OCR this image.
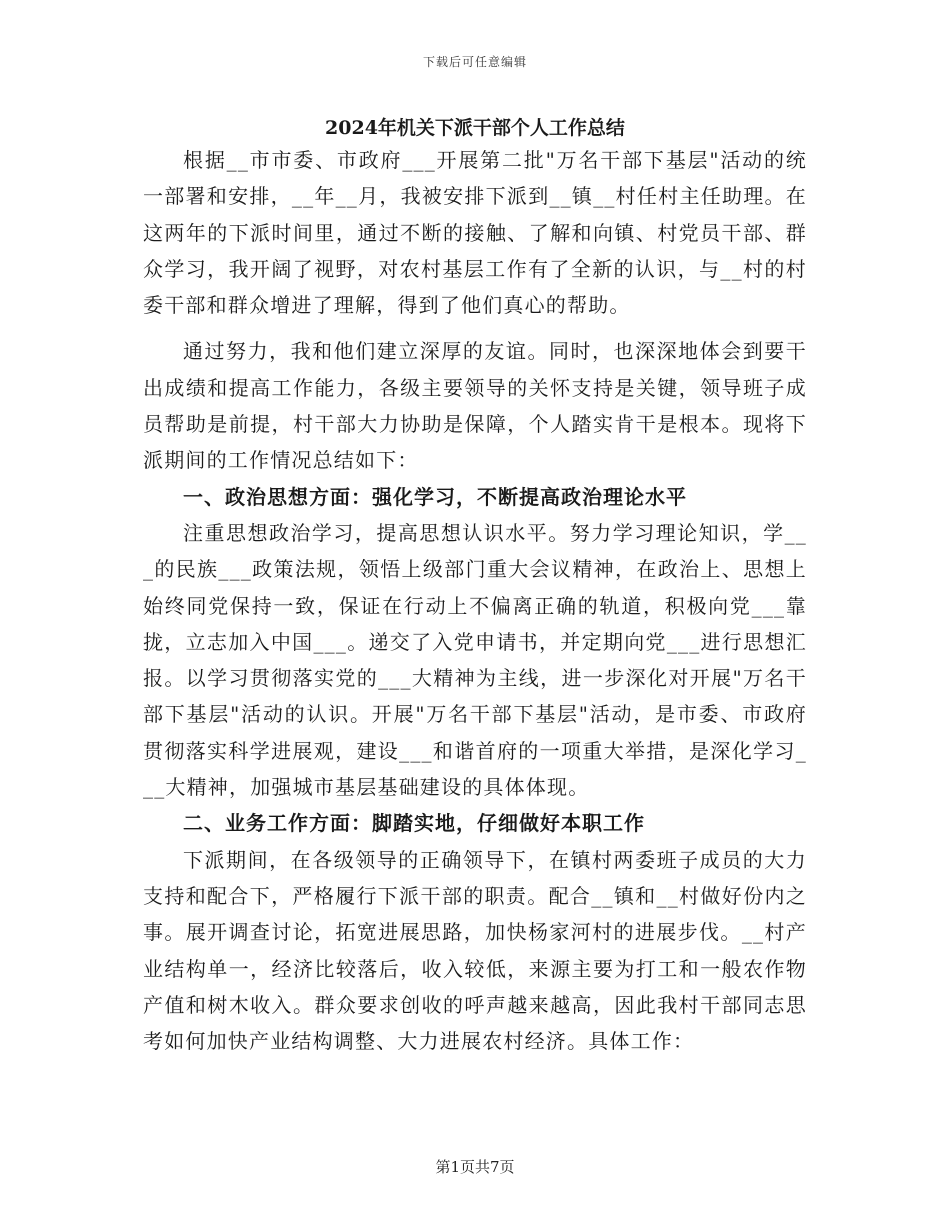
下载后可任意编辑
2024年机关下派干部个人工作总结

根据__市市委、市政府___开展第二批"万名干部下基层"活动的统一部署和安排，__年__月，我被安排下派到__镇__村任村主任助理。在这两年的下派时间里，通过不断的接触、了解和向镇、村党员干部、群众学习，我开阔了视野，对农村基层工作有了全新的认识，与__村的村委干部和群众增进了理解，得到了他们真心的帮助。

通过努力，我和他们建立深厚的友谊。同时，也深深地体会到要干出成绩和提高工作能力，各级主要领导的关怀支持是关键，领导班子成员帮助是前提，村干部大力协助是保障，个人踏实肯干是根本。现将下派期间的工作情况总结如下：

一、政治思想方面：强化学习，不断提高政治理论水平

注重思想政治学习，提高思想认识水平。努力学习理论知识，学___的民族___政策法规，领悟上级部门重大会议精神，在政治上、思想上始终同党保持一致，保证在行动上不偏离正确的轨道，积极向党___靠拢，立志加入中国___。递交了入党申请书，并定期向党___进行思想汇报。以学习贯彻落实党的___大精神为主线，进一步深化对开展"万名干部下基层"活动的认识。开展"万名干部下基层"活动，是市委、市政府贯彻落实科学进展观，建设___和谐首府的一项重大举措，是深化学习___大精神，加强城市基层基础建设的具体体现。

二、业务工作方面：脚踏实地，仔细做好本职工作

下派期间，在各级领导的正确领导下，在镇村两委班子成员的大力支持和配合下，严格履行下派干部的职责。配合__镇和__村做好份内之事。展开调查讨论，拓宽进展思路，加快杨家河村的进展步伐。__村产业结构单一，经济比较落后，收入较低，来源主要为打工和一般农作物产值和树木收入。群众要求创收的呼声越来越高，因此我村干部同志思考如何加快产业结构调整、大力进展农村经济。具体工作：

第1页共7页
